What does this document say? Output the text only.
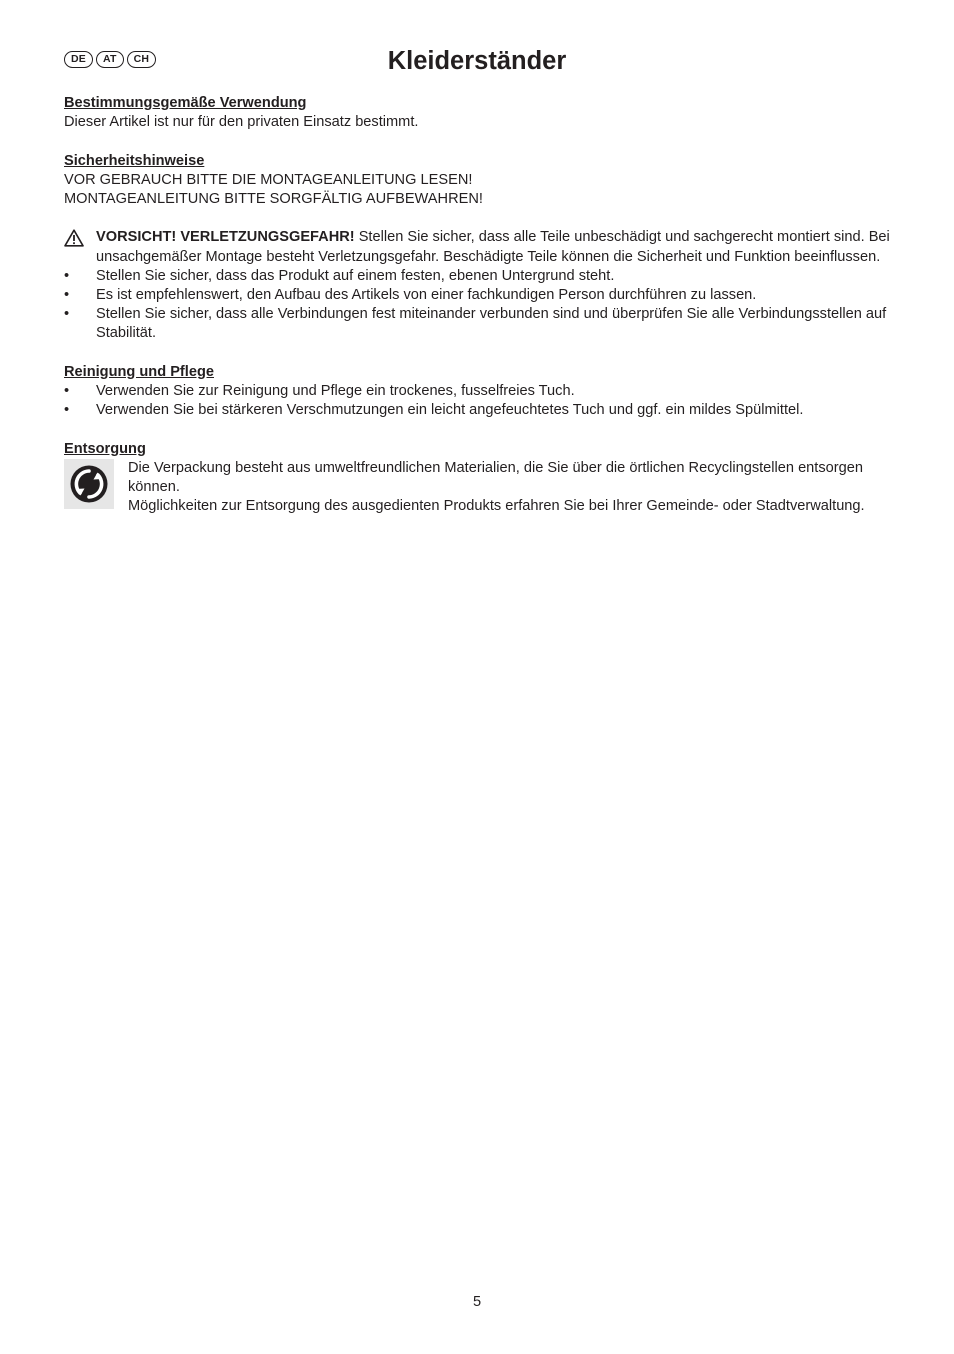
DE	AT	CH	Kleiderständer
Bestimmungsgemäße Verwendung

Dieser Artikel ist nur für den privaten Einsatz bestimmt.

Sicherheitshinweise

VOR GEBRAUCH BITTE DIE MONTAGEANLEITUNG LESEN!

MONTAGEANLEITUNG BITTE SORGFÄLTIG AUFBEWAHREN!

VORSICHT! VERLETZUNGSGEFAHR! Stellen Sie sicher, dass alle Teile unbeschädigt und sachgerecht montiert sind. Bei unsachgemäßer Montage besteht Verletzungsgefahr. Beschädigte Teile können die Sicherheit und Funktion beeinflussen.

•	Stellen Sie sicher, dass das Produkt auf einem festen, ebenen Untergrund steht.

•	Es ist empfehlenswert, den Aufbau des Artikels von einer fachkundigen Person durchführen zu lassen.

•	Stellen Sie sicher, dass alle Verbindungen fest miteinander verbunden sind und überprüfen Sie alle Verbindungsstellen auf Stabilität.

Reinigung und Pflege
•	Verwenden Sie zur Reinigung und Pflege ein trockenes, fusselfreies Tuch.

•	Verwenden Sie bei stärkeren Verschmutzungen ein leicht angefeuchtetes Tuch und ggf. ein mildes Spülmittel.

Entsorgung

Die Verpackung besteht aus umweltfreundlichen Materialien, die Sie über die örtlichen Recyclingstellen entsorgen können.

Möglichkeiten zur Entsorgung des ausgedienten Produkts erfahren Sie bei Ihrer Gemeinde- oder Stadtverwaltung.

5
